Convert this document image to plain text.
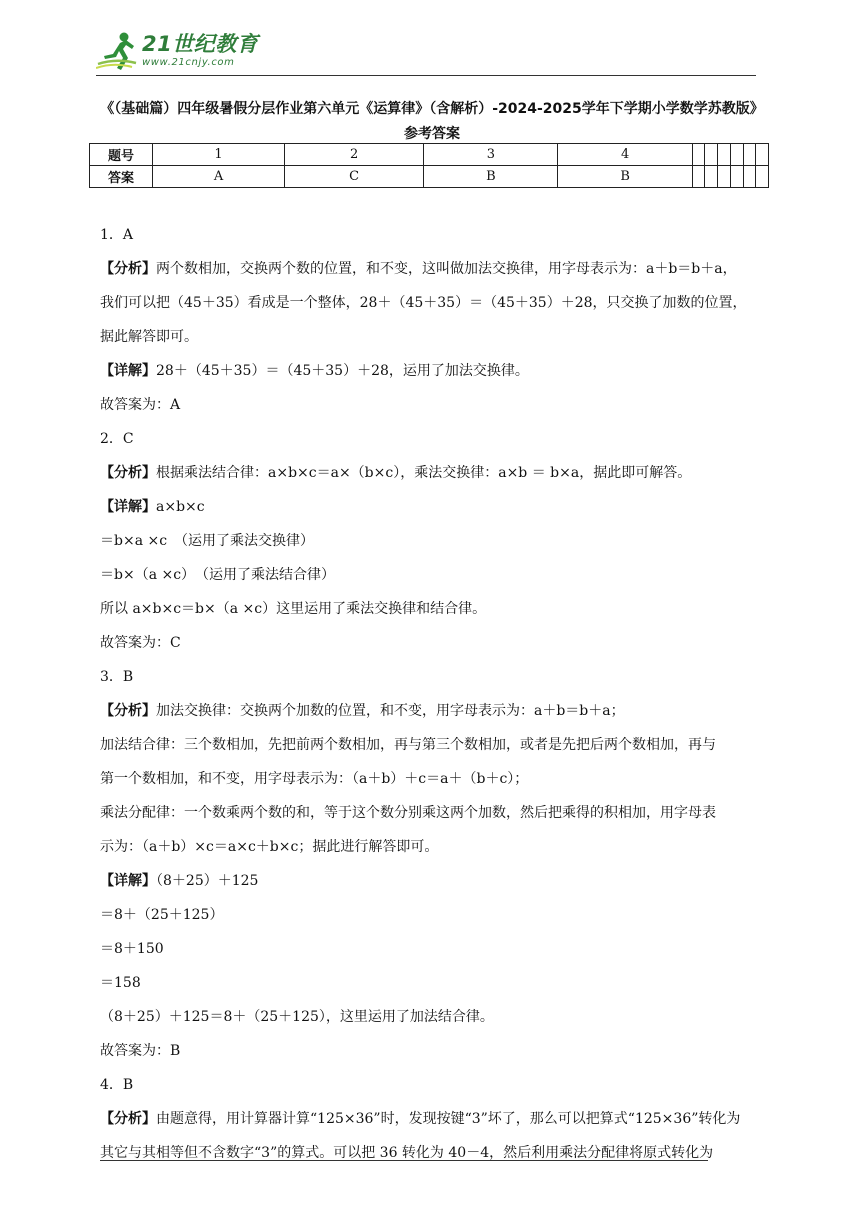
21世纪教育
www.21cnjy.com
《（基础篇）四年级暑假分层作业第六单元《运算律》（含解析）-2024-2025学年下学期小学数学苏教版》参考答案
题号	1	2	3	4						
答案	A	C	B	B						
1．A
【分析】两个数相加，交换两个数的位置，和不变，这叫做加法交换律，用字母表示为：a＋b＝b＋a，
我们可以把（45＋35）看成是一个整体，28＋（45＋35）＝（45＋35）＋28，只交换了加数的位置，
据此解答即可。
【详解】28＋（45＋35）＝（45＋35）＋28，运用了加法交换律。
故答案为：A
2．C
【分析】根据乘法结合律：a×b×c＝a×（b×c），乘法交换律：a×b ＝ b×a，据此即可解答。
【详解】a×b×c
＝b×a ×c　（运用了乘法交换律）
＝b×（a ×c）　（运用了乘法结合律）
所以 a×b×c＝b×（a ×c）这里运用了乘法交换律和结合律。
故答案为：C
3．B
【分析】加法交换律：交换两个加数的位置，和不变，用字母表示为：a＋b＝b＋a；
加法结合律：三个数相加，先把前两个数相加，再与第三个数相加，或者是先把后两个数相加，再与
第一个数相加，和不变，用字母表示为：（a＋b）＋c＝a＋（b＋c）；
乘法分配律：一个数乘两个数的和，等于这个数分别乘这两个加数，然后把乘得的积相加，用字母表
示为：（a＋b）×c＝a×c＋b×c；据此进行解答即可。
【详解】（8＋25）＋125
＝8＋（25＋125）
＝8＋150
＝158
（8＋25）＋125＝8＋（25＋125），这里运用了加法结合律。
故答案为：B
4．B
【分析】由题意得，用计算器计算“125×36”时，发现按键“3”坏了，那么可以把算式“125×36”转化为
其它与其相等但不含数字“3”的算式。可以把 36 转化为 40－4，然后利用乘法分配律将原式转化为
